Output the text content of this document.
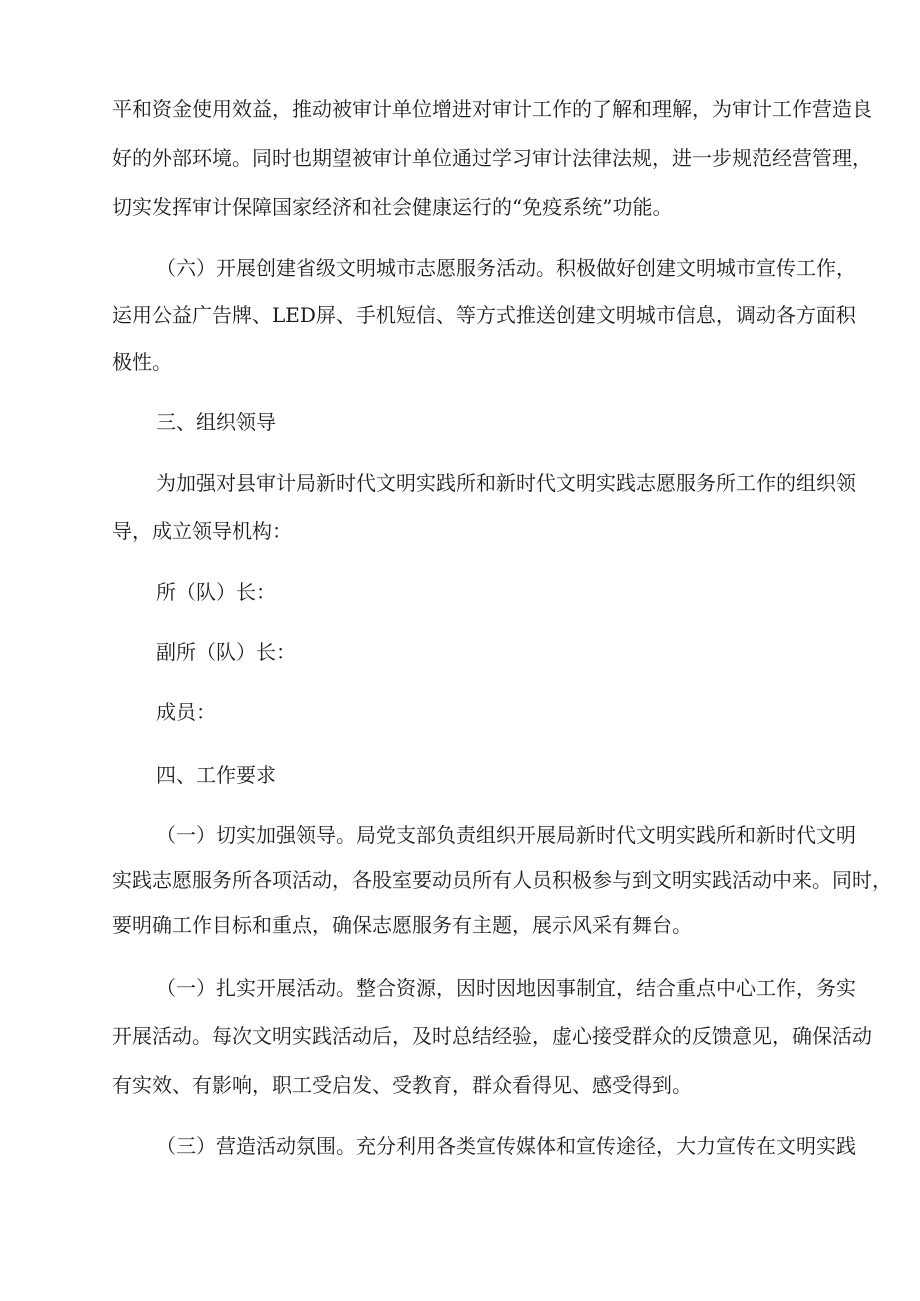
平和资金使用效益，推动被审计单位增进对审计工作的了解和理解，为审计工作营造良
好的外部环境。同时也期望被审计单位通过学习审计法律法规，进一步规范经营管理，
切实发挥审计保障国家经济和社会健康运行的“免疫系统”功能。
（六）开展创建省级文明城市志愿服务活动。积极做好创建文明城市宣传工作，
运用公益广告牌、LED屏、手机短信、等方式推送创建文明城市信息，调动各方面积
极性。
三、组织领导
为加强对县审计局新时代文明实践所和新时代文明实践志愿服务所工作的组织领
导，成立领导机构：
所（队）长：
副所（队）长：
成员：
四、工作要求
（一）切实加强领导。局党支部负责组织开展局新时代文明实践所和新时代文明
实践志愿服务所各项活动，各股室要动员所有人员积极参与到文明实践活动中来。同时，
要明确工作目标和重点，确保志愿服务有主题，展示风采有舞台。
（一）扎实开展活动。整合资源，因时因地因事制宜，结合重点中心工作，务实
开展活动。每次文明实践活动后，及时总结经验，虚心接受群众的反馈意见，确保活动
有实效、有影响，职工受启发、受教育，群众看得见、感受得到。
（三）营造活动氛围。充分利用各类宣传媒体和宣传途径，大力宣传在文明实践
